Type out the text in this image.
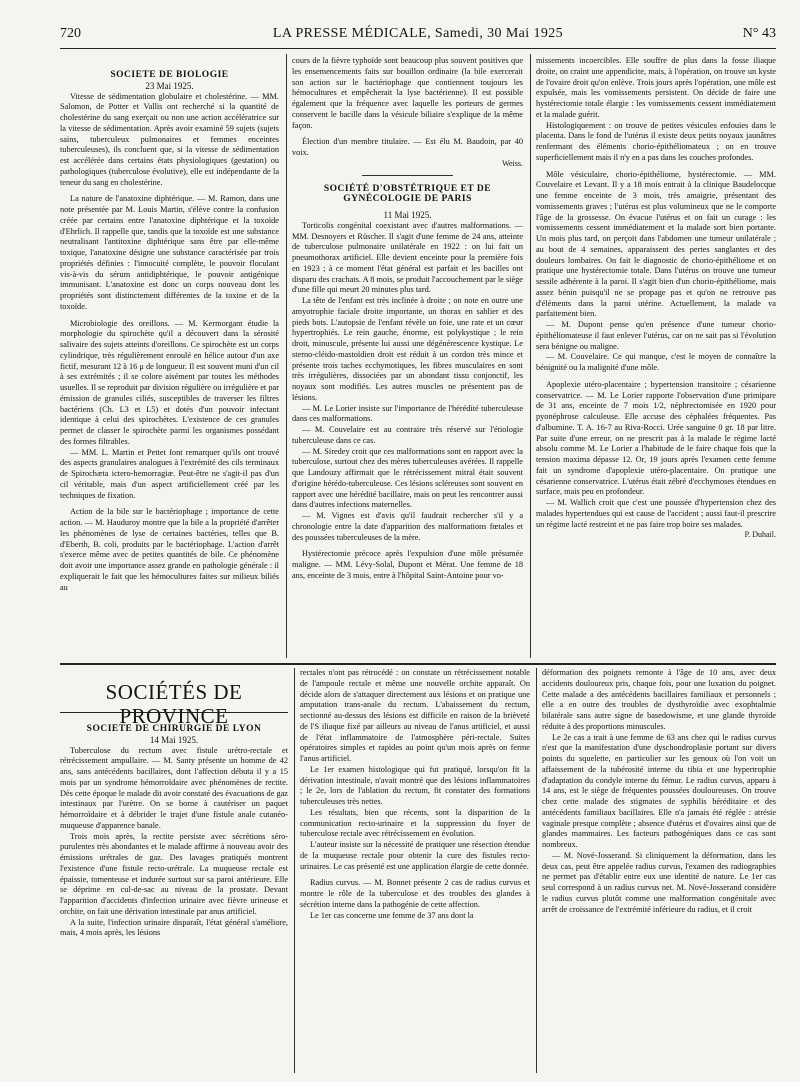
720	LA PRESSE MÉDICALE, Samedi, 30 Mai 1925	N° 43

SOCIÉTÉ DE BIOLOGIE

23 Mai 1925.

Vitesse de sédimentation globulaire et cholestérine. — MM. Salomon, de Potter et Vallis ont recherché si la quantité de cholestérine du sang exerçait ou non une action accélératrice sur la vitesse de sédimentation. Après avoir examiné 59 sujets (sujets sains, tuberculeux pulmonaires et femmes enceintes tuberculeuses), ils concluent que, si la vitesse de sédimentation est accélérée dans certains états physiologiques (gestation) ou pathologiques (tuberculose évolutive), elle est indépendante de la teneur du sang en cholestérine.

La nature de l'anatoxine diphtérique. — M. Ramon, dans une note présentée par M. Louis Martin, s'élève contre la confusion créée par certains entre l'anatoxine diphtérique et la toxoïde d'Ehrlich. Il rappelle que, tandis que la toxoïde est une substance neutralisant l'antitoxine diphtérique sans être par elle-même toxique, l'anatoxine désigne une substance caractérisée par trois propriétés définies : l'innocuité complète, le pouvoir floculant vis-à-vis du sérum antidiphtérique, le pouvoir antigénique immunisant. L'anatoxine est donc un corps nouveau dont les propriétés sont distinctement différentes de la toxine et de la toxoïde.

Microbiologie des oreillons. — M. Kermorgant étudie la morphologie du spirochète qu'il a découvert dans la sérosité salivaire des sujets atteints d'oreillons. Ce spirochète est un corps cylindrique, très régulièrement enroulé en hélice autour d'un axe fictif, mesurant 12 à 16 μ de longueur. Il est souvent muni d'un cil à ses extrémités ; il se colore aisément par toutes les méthodes usuelles. Il se reproduit par division régulière ou irrégulière et par émission de granules ciliés, susceptibles de traverser les filtres bactériens (Ch. L3 et L5) et dotés d'un pouvoir infectant identique à celui des spirochètes. L'existence de ces granules permet de classer le spirochète parmi les organismes possédant des formes filtrables.

— MM. L. Martin et Pettet font remarquer qu'ils ont trouvé des aspects granulaires analogues à l'extrémité des cils terminaux de Spirochæta ictero-hemorragiæ. Peut-être ne s'agit-il pas d'un cil véritable, mais d'un aspect artificiellement créé par les techniques de fixation.

Action de la bile sur le bactériophage ; importance de cette action. — M. Hauduroy montre que la bile a la propriété d'arrêter les phénomènes de lyse de certaines bactéries, telles que B. d'Eberth, B. coli, produits par le bactériophage. L'action d'arrêt s'exerce même avec de petites quantités de bile. Ce phénomène doit avoir une importance assez grande en pathologie générale : il expliquerait le fait que les hémocultures faites sur milieux biliés au

cours de la fièvre typhoïde sont beaucoup plus souvent positives que les ensemencements faits sur bouillon ordinaire (la bile exercerait son action sur le bactériophage que contiennent toujours les hémocultures et empêcherait la lyse bactérienne). Il est possible également que la fréquence avec laquelle les porteurs de germes conservent le bacille dans la vésicule biliaire s'explique de la même façon.

Élection d'un membre titulaire. — Est élu M. Baudoin, par 40 voix.

Weiss.

SOCIÉTÉ D'OBSTÉTRIQUE ET DE GYNÉCOLOGIE DE PARIS

11 Mai 1925.

Torticolis congénital coexistant avec d'autres malformations. — MM. Desnoyers et Rüscher. Il s'agit d'une femme de 24 ans, atteinte de tuberculose pulmonaire unilatérale en 1922 : on lui fait un pneumothorax artificiel. Elle devient enceinte pour la première fois en 1923 ; à ce moment l'état général est parfait et les bacilles ont disparu des crachats. A 8 mois, se produit l'accouchement par le siège d'une fille qui meurt 20 minutes plus tard.

La tête de l'enfant est très inclinée à droite ; on note en outre une amyotrophie faciale droite importante, un thorax en sablier et des pieds bots. L'autopsie de l'enfant révèle un foie, une rate et un cœur hypertrophiés. Le rein gauche, énorme, est polykystique ; le rein droit, minuscule, présente lui aussi une dégénérescence kystique. Le sterno-cléido-mastoïdien droit est réduit à un cordon très mince et présente trois taches ecchymotiques, les fibres musculaires en sont très irrégulières, dissociées par un abondant tissu conjonctif, les noyaux sont modifiés. Les autres muscles ne présentent pas de lésions.

— M. Le Lorier insiste sur l'importance de l'hérédité tuberculeuse dans ces malformations.

— M. Couvelaire est au contraire très réservé sur l'étiologie tuberculeuse dans ce cas.

— M. Siredey croit que ces malformations sont en rapport avec la tuberculose, surtout chez des mères tuberculeuses avérées. Il rappelle que Landouzy affirmait que le rétrécissement mitral était souvent d'origine hérédo-tuberculeuse. Ces lésions scléreuses sont souvent en rapport avec une hérédité bacillaire, mais on peut les rencontrer aussi dans d'autres infections maternelles.

— M. Vignes est d'avis qu'il faudrait rechercher s'il y a chronologie entre la date d'apparition des malformations fœtales et des poussées tuberculeuses de la mère.

Hystérectomie précoce après l'expulsion d'une môle présumée maligne. — MM. Lévy-Solal, Dupont et Mérat. Une femme de 18 ans, enceinte de 3 mois, entre à l'hôpital Saint-Antoine pour vo-

missements incoercibles. Elle souffre de plus dans la fosse iliaque droite, on craint une appendicite, mais, à l'opération, on trouve un kyste de l'ovaire droit qu'on enlève. Trois jours après l'opération, une môle est expulsée, mais les vomissements persistent. On décide de faire une hystérectomie totale élargie : les vomissements cessent immédiatement et la malade guérit.

Histologiquement : on trouve de petites vésicules enfouies dans le placenta. Dans le fond de l'utérus il existe deux petits noyaux jaunâtres renfermant des éléments chorio-épithéliomateux ; on en trouve superficiellement mais il n'y en a pas dans les couches profondes.

Môle vésiculaire, chorio-épithéliome, hystérectomie. — MM. Couvelaire et Levant. Il y a 18 mois entrait à la clinique Baudelocque une femme enceinte de 3 mois, très amaigrie, présentant des vomissements graves ; l'utérus est plus volumineux que ne le comporte l'âge de la grossesse. On évacue l'utérus et on fait un curage : les vomissements cessent immédiatement et la malade sort bien portante. Un mois plus tard, on perçoit dans l'abdomen une tumeur unilatérale ; au bout de 4 semaines, apparaissent des pertes sanglantes et des douleurs lombaires. On fait le diagnostic de chorio-épithéliome et on pratique une hystérectomie totale. Dans l'utérus on trouve une tumeur sessile adhérente à la paroi. Il s'agit bien d'un chorio-épithéliome, mais assez bénin puisqu'il ne se propage pas et qu'on ne retrouve pas d'éléments dans la paroi utérine. Actuellement, la malade va parfaitement bien.

— M. Dupont pense qu'en présence d'une tumeur chorio-épithéliomateuse il faut enlever l'utérus, car on ne sait pas si l'évolution sera bénigne ou maligne.

— M. Couvelaire. Ce qui manque, c'est le moyen de connaître la bénignité ou la malignité d'une môle.

Apoplexie utéro-placentaire ; hypertension transitoire ; césarienne conservatrice. — M. Le Lorier rapporte l'observation d'une primipare de 31 ans, enceinte de 7 mois 1/2, néphrectomisée en 1920 pour pyonéphrose calculeuse. Elle accuse des céphalées fréquentes. Pas d'albumine. T. A. 16-7 au Riva-Rocci. Urée sanguine 0 gr. 18 par litre. Par suite d'une erreur, on ne prescrit pas à la malade le régime lacté absolu comme M. Le Lorier a l'habitude de le faire chaque fois que la tension maxima dépasse 12. Or, 19 jours après l'examen cette femme fait un syndrome d'apoplexie utéro-placentaire. On pratique une césarienne conservatrice. L'utérus était zébré d'ecchymoses étendues en surface, mais peu en profondeur.

— M. Wallich croit que c'est une poussée d'hypertension chez des malades hypertendues qui est cause de l'accident ; aussi faut-il prescrire un régime lacté restreint et ne pas faire trop boire ses malades.

P. Duhail.

SOCIÉTÉS DE PROVINCE

SOCIÉTÉ DE CHIRURGIE DE LYON

14 Mai 1925.

Tuberculose du rectum avec fistule urétro-rectale et rétrécissement ampullaire. — M. Santy présente un homme de 42 ans, sans antécédents bacillaires, dont l'affection débuta il y a 15 mois par un syndrome hémorroïdaire avec phénomènes de rectite. Dès cette époque le malade dit avoir constaté des évacuations de gaz intestinaux par l'urètre. On se borne à cautériser un paquet hémorroïdaire et à débrider le trajet d'une fistule anale cutanéo-muqueuse d'apparence banale.

Trois mois après, la rectite persiste avec sécrétions séro-purulentes très abondantes et le malade affirme à nouveau avoir des émissions urétrales de gaz. Des lavages pratiqués montrent l'existence d'une fistule recto-urétrale. La muqueuse rectale est épaissie, tomenteuse et indurée surtout sur sa paroi antérieure. Elle se déprime en cul-de-sac au niveau de la prostate. Devant l'apparition d'accidents d'infection urinaire avec fièvre urineuse et orchite, on fait une dérivation intestinale par anus artificiel.

A la suite, l'infection urinaire disparaît, l'état général s'améliore, mais, 4 mois après, les lésions

rectales n'ont pas rétrocédé : on constate un rétrécissement notable de l'ampoule rectale et même une nouvelle orchite apparaît. On décide alors de s'attaquer directement aux lésions et on pratique une amputation trans-anale du rectum. L'abaissement du rectum, sectionné au-dessus des lésions est difficile en raison de la brièveté de l'S iliaque fixé par ailleurs au niveau de l'anus artificiel, et aussi de l'état inflammatoire de l'atmosphère péri-rectale. Suites opératoires simples et rapides au point qu'un mois après on ferme l'anus artificiel.

Le 1er examen histologique qui fut pratiqué, lorsqu'on fit la dérivation intestinale, n'avait montré que des lésions inflammatoires ; le 2e, lors de l'ablation du rectum, fit constater des formations tuberculeuses très nettes.

Les résultats, bien que récents, sont la disparition de la communication recto-urinaire et la suppression du foyer de tuberculose rectale avec rétrécissement en évolution.

L'auteur insiste sur la nécessité de pratiquer une résection étendue de la muqueuse rectale pour obtenir la cure des fistules recto-urinaires. Le cas présenté est une application élargie de cette donnée.

Radius curvus. — M. Bonnet présente 2 cas de radius curvus et montre le rôle de la tuberculose et des troubles des glandes à sécrétion interne dans la pathogénie de cette affection.

Le 1er cas concerne une femme de 37 ans dont la

déformation des poignets remonte à l'âge de 10 ans, avec deux accidents douloureux pris, chaque fois, pour une luxation du poignet. Cette malade a des antécédents bacillaires familiaux et personnels ; elle a en outre des troubles de dysthyroïdie avec exophtalmie bilatérale sans autre signe de basedowisme, et une glande thyroïde réduite à des proportions minuscules.

Le 2e cas a trait à une femme de 63 ans chez qui le radius curvus n'est que la manifestation d'une dyschondroplasie portant sur divers points du squelette, en particulier sur les genoux où l'on voit un affaissement de la tubérosité interne du tibia et une hypertrophie d'adaptation du condyle interne du fémur. Le radius curvus, apparu à 14 ans, est le siège de fréquentes poussées douloureuses. On trouve chez cette malade des stigmates de syphilis héréditaire et des antécédents familiaux bacillaires. Elle n'a jamais été réglée : atrésie vaginale presque complète ; absence d'utérus et d'ovaires ainsi que de glandes mammaires. Les facteurs pathogéniques dans ce cas sont nombreux.

— M. Nové-Josserand. Si cliniquement la déformation, dans les deux cas, peut être appelée radius curvus, l'examen des radiographies ne permet pas d'établir entre eux une identité de nature. Le 1er cas seul correspond à un radius curvus net. M. Nové-Josserand considère le radius curvus plutôt comme une malformation congénitale avec arrêt de croissance de l'extrémité inférieure du radius, et il croit
